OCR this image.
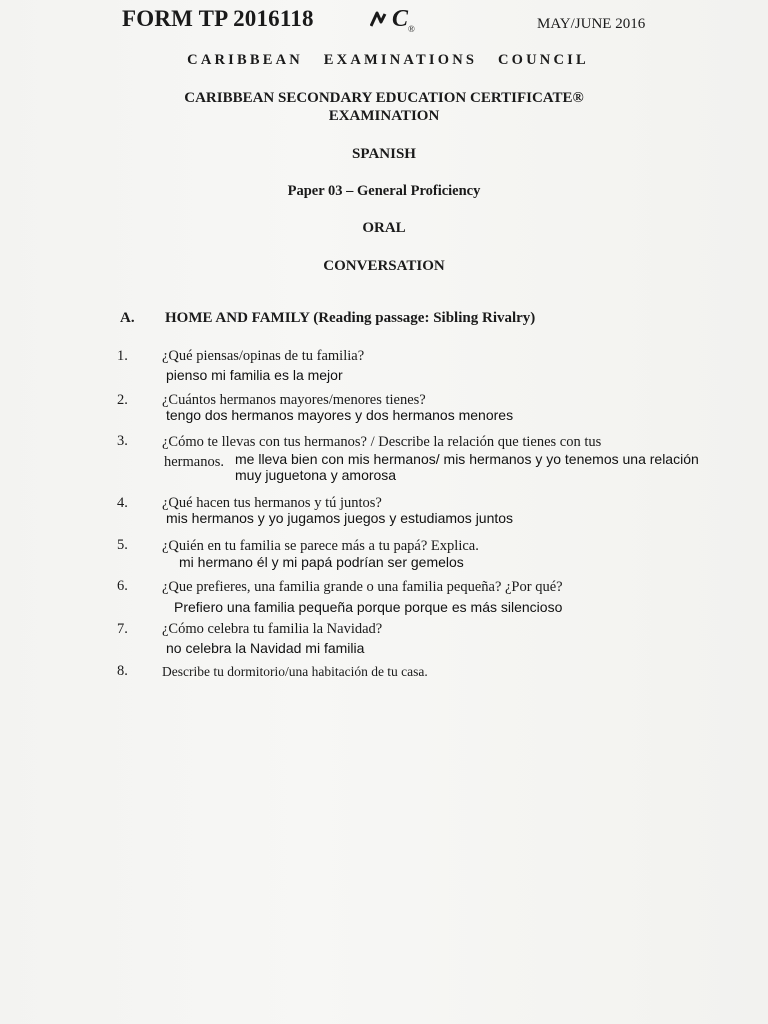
FORM TP 2016118	$C_®$	MAY/JUNE 2016
CARIBBEAN EXAMINATIONS COUNCIL
CARIBBEAN SECONDARY EDUCATION CERTIFICATE®
EXAMINATION
SPANISH
Paper 03 – General Proficiency
ORAL
CONVERSATION
A. HOME AND FAMILY (Reading passage: Sibling Rivalry)
1. ¿Qué piensas/opinas de tu familia?
pienso mi familia es la mejor
2. ¿Cuántos hermanos mayores/menores tienes?
tengo dos hermanos mayores y dos hermanos menores
3. ¿Cómo te llevas con tus hermanos? / Describe la relación que tienes con tus
hermanos. me lleva bien con mis hermanos/ mis hermanos y yo tenemos una relación
muy juguetona y amorosa
4. ¿Qué hacen tus hermanos y tú juntos?
mis hermanos y yo jugamos juegos y estudiamos juntos
5. ¿Quién en tu familia se parece más a tu papá? Explica.
mi hermano él y mi papá podrían ser gemelos
6. ¿Que prefieres, una familia grande o una familia pequeña? ¿Por qué?
Prefiero una familia pequeña porque porque es más silencioso
7. ¿Cómo celebra tu familia la Navidad?
no celebra la Navidad mi familia
8.	Describe tu dormitorio/una habitación de tu casa.
